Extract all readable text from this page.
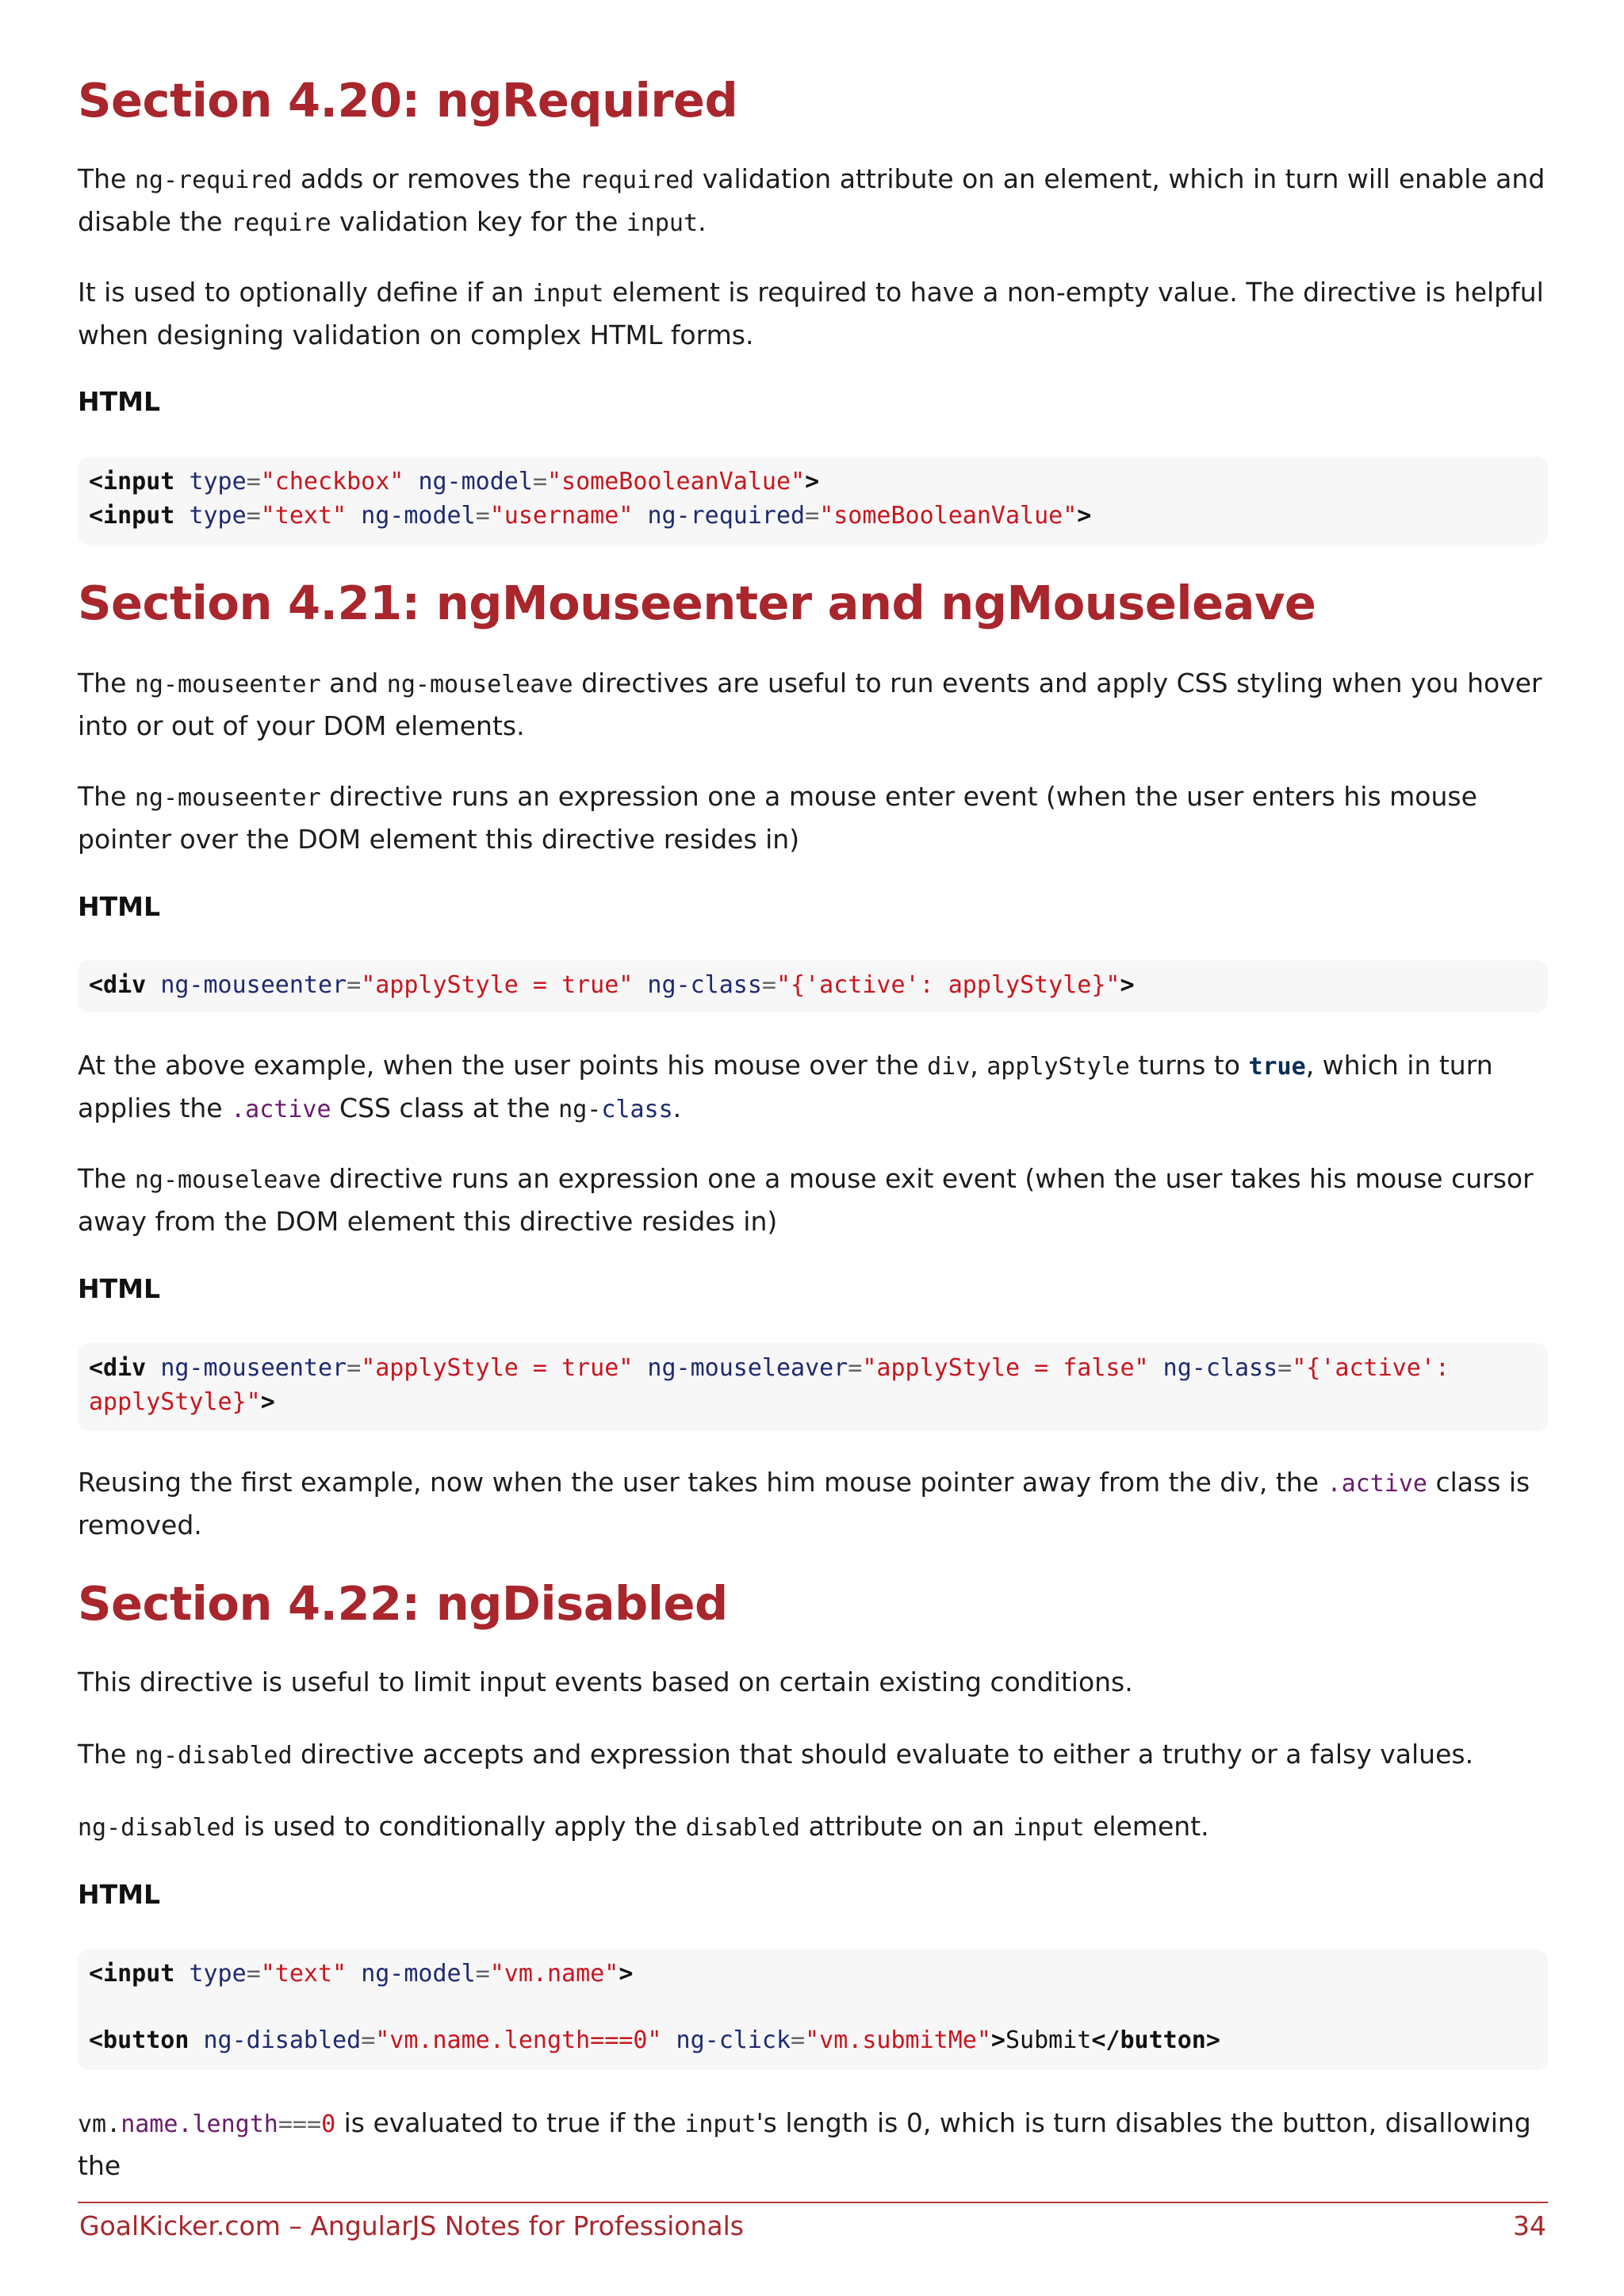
Section 4.20: ngRequired

The ng-required adds or removes the required validation attribute on an element, which in turn will enable and disable the require validation key for the input.

It is used to optionally define if an input element is required to have a non-empty value. The directive is helpful when designing validation on complex HTML forms.

HTML
<input type="checkbox" ng-model="someBooleanValue">
<input type="text" ng-model="username" ng-required="someBooleanValue">
Section 4.21: ngMouseenter and ngMouseleave

The ng-mouseenter and ng-mouseleave directives are useful to run events and apply CSS styling when you hover into or out of your DOM elements.

The ng-mouseenter directive runs an expression one a mouse enter event (when the user enters his mouse pointer over the DOM element this directive resides in)

HTML
<div ng-mouseenter="applyStyle = true" ng-class="{'active': applyStyle}">

At the above example, when the user points his mouse over the div, applyStyle turns to true, which in turn applies the .active CSS class at the ng-class.

The ng-mouseleave directive runs an expression one a mouse exit event (when the user takes his mouse cursor away from the DOM element this directive resides in)

HTML
<div ng-mouseenter="applyStyle = true" ng-mouseleaver="applyStyle = false" ng-class="{'active':
applyStyle}">

Reusing the first example, now when the user takes him mouse pointer away from the div, the .active class is removed.

Section 4.22: ngDisabled

This directive is useful to limit input events based on certain existing conditions.

The ng-disabled directive accepts and expression that should evaluate to either a truthy or a falsy values.

ng-disabled is used to conditionally apply the disabled attribute on an input element.

HTML
<input type="text" ng-model="vm.name">

<button ng-disabled="vm.name.length===0" ng-click="vm.submitMe">Submit</button>

vm.name.length===0 is evaluated to true if the input's length is 0, which is turn disables the button, disallowing the

GoalKicker.com – AngularJS Notes for Professionals	34
